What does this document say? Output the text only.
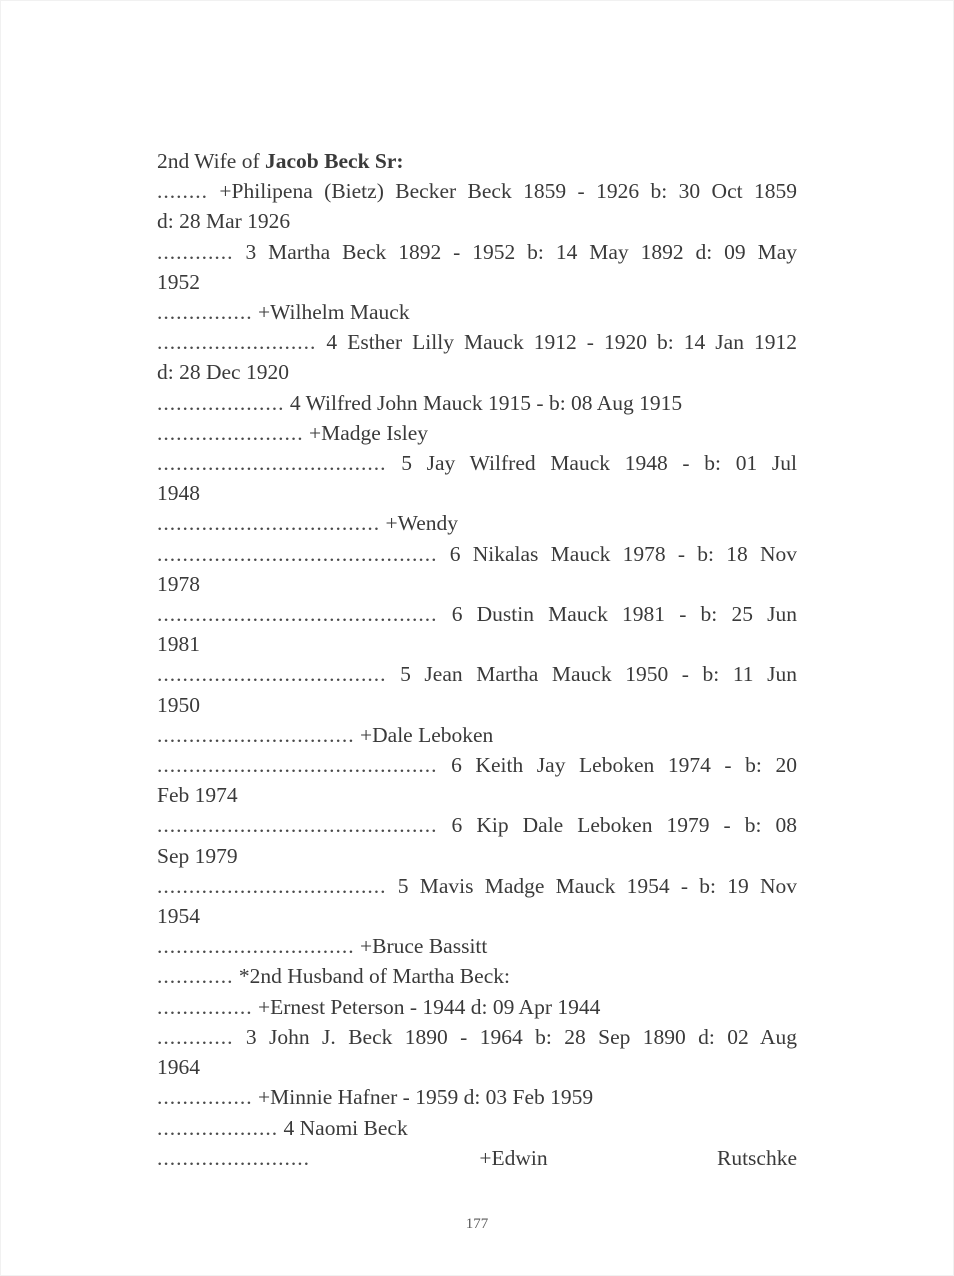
2nd Wife of Jacob Beck Sr:
........ +Philipena (Bietz) Becker Beck 1859 - 1926 b: 30 Oct 1859
d: 28 Mar 1926
............ 3 Martha Beck 1892 - 1952 b: 14 May 1892 d: 09 May
1952
............... +Wilhelm Mauck
......................... 4 Esther Lilly Mauck 1912 - 1920 b: 14 Jan 1912
d: 28 Dec 1920
.................... 4 Wilfred John Mauck 1915 - b: 08 Aug 1915
....................... +Madge Isley
.................................... 5 Jay Wilfred Mauck 1948 - b: 01 Jul
1948
................................... +Wendy
............................................ 6 Nikalas Mauck 1978 - b: 18 Nov
1978
............................................ 6 Dustin Mauck 1981 - b: 25 Jun
1981
.................................... 5 Jean Martha Mauck 1950 - b: 11 Jun
1950
............................... +Dale Leboken
............................................ 6 Keith Jay Leboken 1974 - b: 20
Feb 1974
............................................ 6 Kip Dale Leboken 1979 - b: 08
Sep 1979
.................................... 5 Mavis Madge Mauck 1954 - b: 19 Nov
1954
............................... +Bruce Bassitt
............ *2nd Husband of Martha Beck:
............... +Ernest Peterson - 1944 d: 09 Apr 1944
............ 3 John J. Beck 1890 - 1964 b: 28 Sep 1890 d: 02 Aug
1964
............... +Minnie Hafner - 1959 d: 03 Feb 1959
................... 4 Naomi Beck
........................	+Edwin Rutschke
177
